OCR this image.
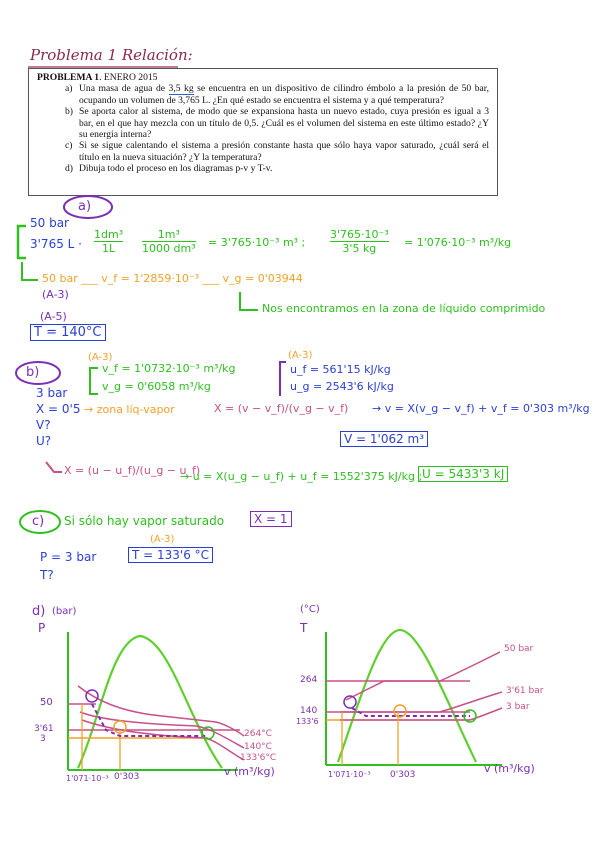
Problema 1 Relación:
PROBLEMA 1. ENERO 2015
a) Una masa de agua de 3,5 kg se encuentra en un dispositivo de cilindro émbolo a la presión de 50 bar, ocupando un volumen de 3,765 L. ¿En qué estado se encuentra el sistema y a qué temperatura?
b) Se aporta calor al sistema, de modo que se expansiona hasta un nuevo estado, cuya presión es igual a 3 bar, en el que hay mezcla con un título de 0,5. ¿Cuál es el volumen del sistema en este último estado? ¿Y su energía interna?
c) Si se sigue calentando el sistema a presión constante hasta que sólo haya vapor saturado, ¿cuál será el título en la nueva situación? ¿Y la temperatura?
d) Dibuja todo el proceso en los diagramas p-v y T-v.
a)
50 bar
3'765 $L \cdot \frac{\text{1dm³}}{1L} \frac{\text{1m³}}{\text{1000 dm³}} = 3'765\cdot 10^{-3}$ m³ ; $\frac{\text{3'765·10⁻³}}{3'5 kg} = 1'076\cdot 10^{-3}$ m³/kg
50 bar ___ v_f = 1'2859·10⁻³ ___ v_g = 0'03944
(A-3)
Nos encontramos en la zona de líquido comprimido
(A-5)
T = 140°C
b)
(A-3)	(A-3)
v_f = 1'0732·10⁻³ m³/kg
v_g = 0'6058 m³/kg
u_f = 561'15 kJ/kg
u_g = 2543'6 kJ/kg
3 bar
X = 0'5 → zona líq-vapor	X = (v − v_f)/(v_g − v_f) → v = X(v_g − v_f) + v_f = 0'303 m³/kg
V?
U?	V = 1'062 m³
X = (u − u_f)/(u_g − u_f)
→ u = X(u_g − u_f) + u_f = 1552'375 kJ/kg ; U = 5433'3 kJ
c) Si sólo hay vapor saturado	X = 1
(A-3)
P = 3 bar	T = 133'6 °C
T?
d) (bar)
P
50
3'61
3
1'071·10⁻³ 0'303	v (m³/kg)
264°C
140°C
133'6°C
(°C)
T
264
140
133'6
1'071·10⁻³ 0'303	v (m³/kg)
50 bar
3'61 bar
3 bar
